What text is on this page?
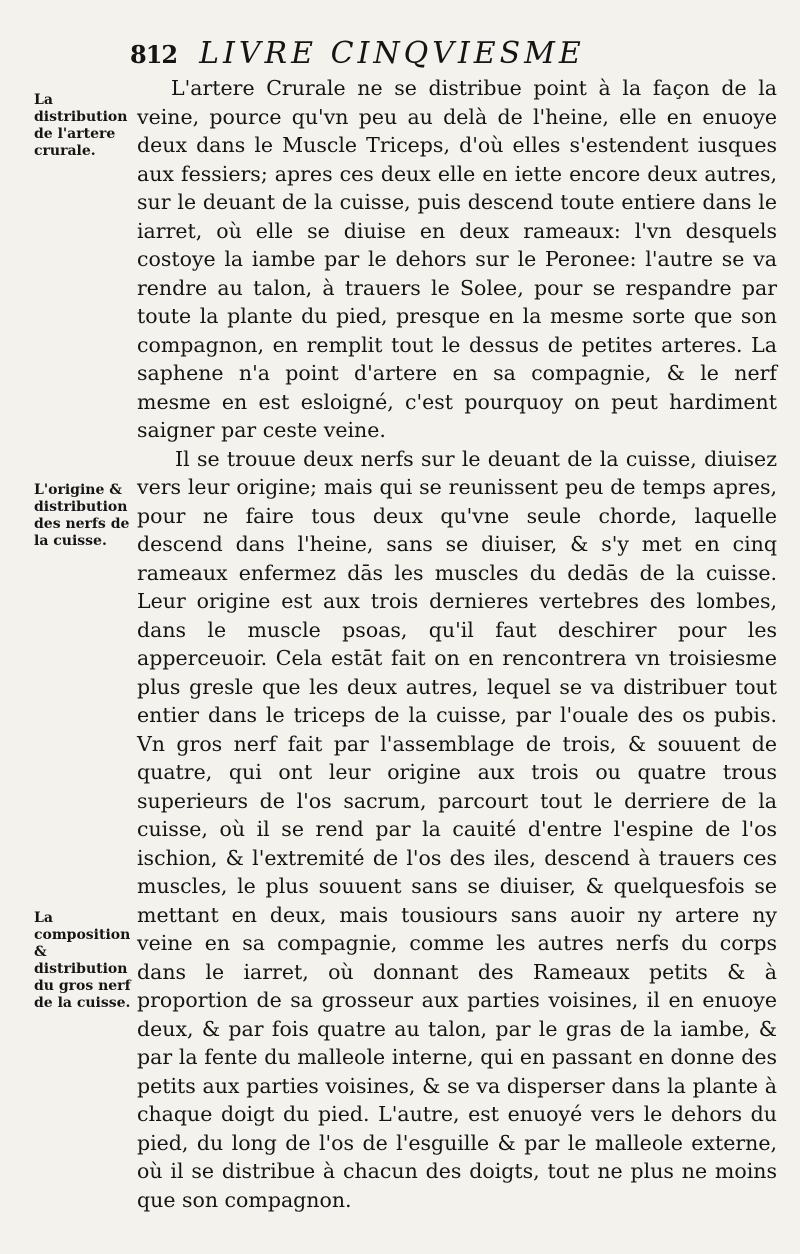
812 LIVRE CINQVIESME

La distribution de l'artere crurale.

L'origine & distribution des nerfs de la cuisse.

La composition & distribution du gros nerf de la cuisse.

L'artere Crurale ne se distribue point à la façon de la veine, pource qu'vn peu au delà de l'heine, elle en enuoye deux dans le Muscle Triceps, d'où elles s'estendent iusques aux fessiers; apres ces deux elle en iette encore deux autres, sur le deuant de la cuisse, puis descend toute entiere dans le iarret, où elle se diuise en deux rameaux: l'vn desquels costoye la iambe par le dehors sur le Peronee: l'autre se va rendre au talon, à trauers le Solee, pour se respandre par toute la plante du pied, presque en la mesme sorte que son compagnon, en remplit tout le dessus de petites arteres. La saphene n'a point d'artere en sa compagnie, & le nerf mesme en est esloigné, c'est pourquoy on peut hardiment saigner par ceste veine.

Il se trouue deux nerfs sur le deuant de la cuisse, diuisez vers leur origine; mais qui se reunissent peu de temps apres, pour ne faire tous deux qu'vne seule chorde, laquelle descend dans l'heine, sans se diuiser, & s'y met en cinq rameaux enfermez dās les muscles du dedās de la cuisse. Leur origine est aux trois dernieres vertebres des lombes, dans le muscle psoas, qu'il faut deschirer pour les apperceuoir. Cela estāt fait on en rencontrera vn troisiesme plus gresle que les deux autres, lequel se va distribuer tout entier dans le triceps de la cuisse, par l'ouale des os pubis. Vn gros nerf fait par l'assemblage de trois, & souuent de quatre, qui ont leur origine aux trois ou quatre trous superieurs de l'os sacrum, parcourt tout le derriere de la cuisse, où il se rend par la cauité d'entre l'espine de l'os ischion, & l'extremité de l'os des iles, descend à trauers ces muscles, le plus souuent sans se diuiser, & quelquesfois se mettant en deux, mais tousiours sans auoir ny artere ny veine en sa compagnie, comme les autres nerfs du corps dans le iarret, où donnant des Rameaux petits & à proportion de sa grosseur aux parties voisines, il en enuoye deux, & par fois quatre au talon, par le gras de la iambe, & par la fente du malleole interne, qui en passant en donne des petits aux parties voisines, & se va disperser dans la plante à chaque doigt du pied. L'autre, est enuoyé vers le dehors du pied, du long de l'os de l'esguille & par le malleole externe, où il se distribue à chacun des doigts, tout ne plus ne moins que son compagnon.
